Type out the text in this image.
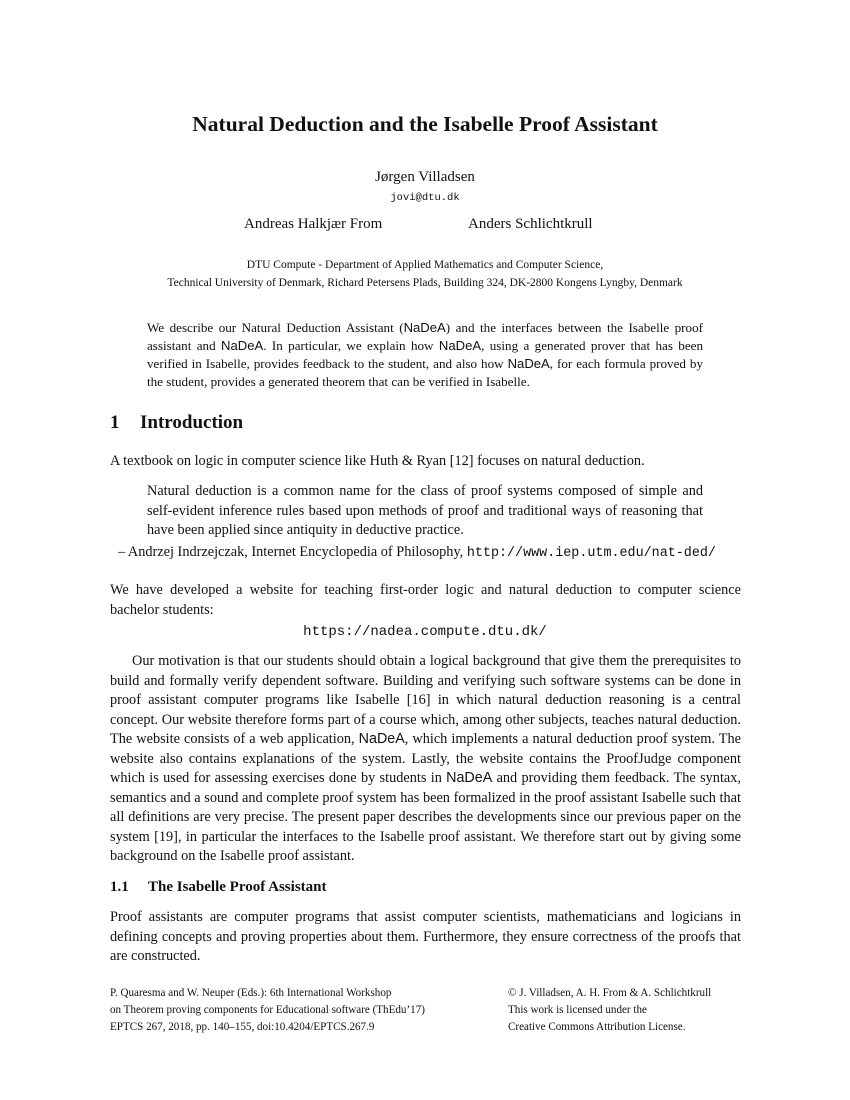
Natural Deduction and the Isabelle Proof Assistant
Jørgen Villadsen
jovi@dtu.dk
Andreas Halkjær From	Anders Schlichtkrull
DTU Compute - Department of Applied Mathematics and Computer Science,
Technical University of Denmark, Richard Petersens Plads, Building 324, DK-2800 Kongens Lyngby, Denmark

We describe our Natural Deduction Assistant (NaDeA) and the interfaces between the Isabelle proof assistant and NaDeA. In particular, we explain how NaDeA, using a generated prover that has been verified in Isabelle, provides feedback to the student, and also how NaDeA, for each formula proved by the student, provides a generated theorem that can be verified in Isabelle.

1 Introduction

A textbook on logic in computer science like Huth & Ryan [12] focuses on natural deduction.

Natural deduction is a common name for the class of proof systems composed of simple and self-evident inference rules based upon methods of proof and traditional ways of reasoning that have been applied since antiquity in deductive practice.

– Andrzej Indrzejczak, Internet Encyclopedia of Philosophy, http://www.iep.utm.edu/nat-ded/

We have developed a website for teaching first-order logic and natural deduction to computer science bachelor students:

https://nadea.compute.dtu.dk/

Our motivation is that our students should obtain a logical background that give them the prerequisites to build and formally verify dependent software. Building and verifying such software systems can be done in proof assistant computer programs like Isabelle [16] in which natural deduction reasoning is a central concept. Our website therefore forms part of a course which, among other subjects, teaches natural deduction. The website consists of a web application, NaDeA, which implements a natural deduction proof system. The website also contains explanations of the system. Lastly, the website contains the ProofJudge component which is used for assessing exercises done by students in NaDeA and providing them feedback. The syntax, semantics and a sound and complete proof system has been formalized in the proof assistant Isabelle such that all definitions are very precise. The present paper describes the developments since our previous paper on the system [19], in particular the interfaces to the Isabelle proof assistant. We therefore start out by giving some background on the Isabelle proof assistant.

1.1 The Isabelle Proof Assistant

Proof assistants are computer programs that assist computer scientists, mathematicians and logicians in defining concepts and proving properties about them. Furthermore, they ensure correctness of the proofs that are constructed.

P. Quaresma and W. Neuper (Eds.): 6th International Workshop
on Theorem proving components for Educational software (ThEdu’17)
EPTCS 267, 2018, pp. 140–155, doi:10.4204/EPTCS.267.9
© J. Villadsen, A. H. From & A. Schlichtkrull
This work is licensed under the
Creative Commons Attribution License.
